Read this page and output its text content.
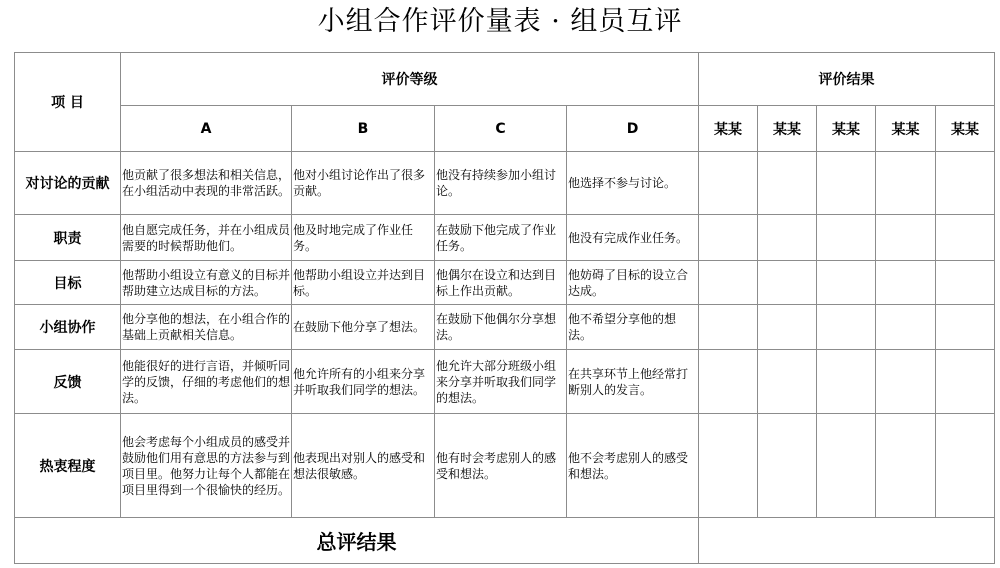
小组合作评价量表 · 组员互评
项 目	评价等级				评价结果				
	A	B	C	D	某某	某某	某某	某某	某某
对讨论的贡献	他贡献了很多想法和相关信息，在小组活动中表现的非常活跃。	他对小组讨论作出了很多贡献。	他没有持续参加小组讨论。	他选择不参与讨论。					
职责	他自愿完成任务，并在小组成员需要的时候帮助他们。	他及时地完成了作业任务。	在鼓励下他完成了作业任务。	他没有完成作业任务。					
目标	他帮助小组设立有意义的目标并帮助建立达成目标的方法。	他帮助小组设立并达到目标。	他偶尔在设立和达到目标上作出贡献。	他妨碍了目标的设立合达成。					
小组协作	他分享他的想法，在小组合作的基础上贡献相关信息。	在鼓励下他分享了想法。	在鼓励下他偶尔分享想法。	他不希望分享他的想法。					
反馈	他能很好的进行言语，并倾听同学的反馈，仔细的考虑他们的想法。	他允许所有的小组来分享并听取我们同学的想法。	他允许大部分班级小组来分享并听取我们同学的想法。	在共享环节上他经常打断别人的发言。					
热衷程度	他会考虑每个小组成员的感受并鼓励他们用有意思的方法参与到项目里。他努力让每个人都能在项目里得到一个很愉快的经历。	他表现出对别人的感受和想法很敏感。	他有时会考虑别人的感受和想法。	他不会考虑别人的感受和想法。					
总评结果									
